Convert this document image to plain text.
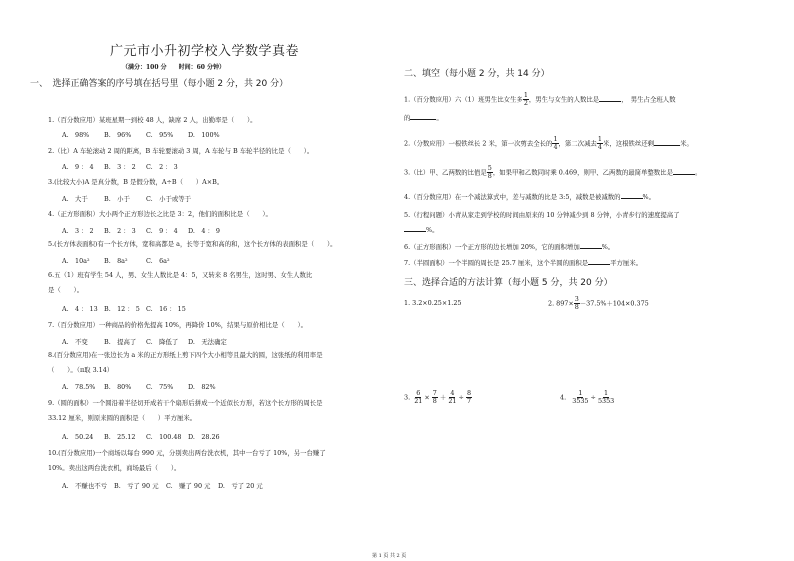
广元市小升初学校入学数学真卷
（满分：100 分　　时间：60 分钟）
一、　选择正确答案的序号填在括号里（每小题 2 分，共 20 分）
1.（百分数应用）某班星期一到校 48 人，缺席 2 人，出勤率是（　　）。
A.　98% B.　96% C.　95% D.　100%
2.（比）A 车轮滚动 2 周的距离，B 车轮要滚动 3 周，A 车轮与 B 车轮半径的比是（　　）。
A.　9 ： 4 B.　3 ： 2 C.　2 ： 3
3.(比较大小)A 是真分数，B 是假分数，A÷B（　　）A×B。
A.　大于	B.　小于	C.　小于或等于
4.（正方形面积）大小两个正方形边长之比是 3：2，他们的面积比是（　　）。
A.　3 ： 2 B.　2 ： 3 C.　9 ： 4 D.　4 ： 9
5.(长方体表面积)有一个长方体，宽和高都是 a，长等于宽和高的和，这个长方体的表面积是（　　）。
A.　10a² B.　8a²	C.　6a²
6.五（1）班有学生 54 人，男、女生人数比是 4：5，又转来 8 名男生，这时男、女生人数比
是（　　）。
A.　4 ： 13 B.　12 ： 5 C.　16 ： 15
7.（百分数应用）一种商品的价格先提高 10%，再降价 10%，结果与原价相比是（　　）。
A.　不变	B.　提高了 C.　降低了 D.　无法确定
8.(百分数应用)在一张边长为 a 米的正方形纸上剪下四个大小相等且最大的圆，这张纸的利用率是
（　　）。（π取 3.14）
A.　78.5% B.　80% C.　75% D.　82%
9.（圆的面积）一个圆沿着半径切开成若干个扇形后拼成一个近似长方形，若这个长方形的周长是
33.12 厘米，则原来圆的面积是（　　）平方厘米。
A.　50.24 B.　25.12 C.　100.48 D.　28.26
10.(百分数应用)一个商场以每台 990 元，分别卖出两台洗衣机，其中一台亏了 10%，另一台赚了
10%。卖出这两台洗衣机，商场最后（　　）。
A.　不赚也不亏 B.　亏了 90 元 C.　赚了 90 元 D.　亏了 20 元
二、填空（每小题 2 分，共 14 分）
1.（百分数应用）六（1）班男生比女生多 $\frac{1}{2}$ ，男生与女生的人数比是	，　男生占全班人数
的	。
2.（分数应用）一根铁丝长 2 米，第一次剪去全长的 $\frac{1}{4}$ ，第二次减去 $\frac{1}{4}$ 米，这根铁丝还剩	米。
3.（比）甲、乙两数的比值是 $\frac{5}{8}$ ，如果甲和乙数同时乘 0.469，则甲、乙两数的最简单整数比是	。
4.（百分数应用）在一个减法算式中，差与减数的比是 3:5，减数是被减数的	%。
5.（行程问题）小青从家走到学校的时间由原来的 10 分钟减少到 8 分钟，小青步行的速度提高了
%。
6.（正方形面积）一个正方形的边长增加 20%，它的面积增加	%。
7.（半圆面积）一个半圆的周长是 25.7 厘米，这个半圆的面积是	平方厘米。
三、选择合适的方法计算（每小题 5 分，共 20 分）
1. 3.2×0.25×1.25	2. $897\times \frac{3}{8} -37.5\%+104\times 0.375$
3. $\frac{6}{21} \times \frac{7}{8} + \frac{4}{21} \div \frac{8}{7}$	4. $\frac{1}{3535} \div \frac{1}{5353}$
第 1 页 共 2 页
